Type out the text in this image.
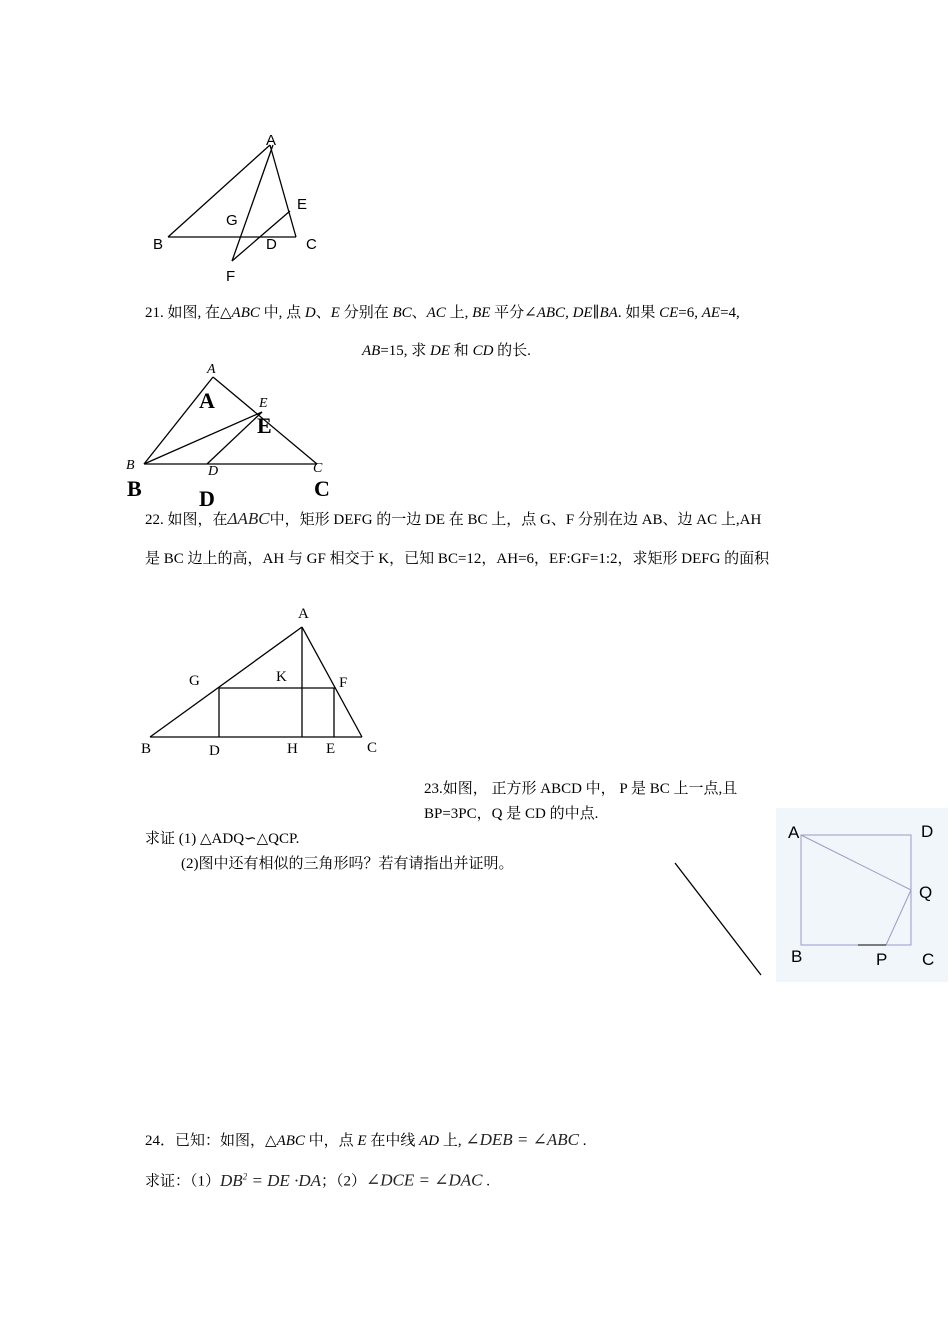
A
E
G
B	D C
F
21. 如图, 在△ABC 中, 点 D、E 分别在 BC、AC 上, BE 平分∠ABC, DE∥BA. 如果 CE=6, AE=4,
AB=15, 求 DE 和 CD 的长.
A
A	E
E
B
B
D
D
C
C
22. 如图，在ΔABC中，矩形 DEFG 的一边 DE 在 BC 上，点 G、F 分别在边 AB、边 AC 上,AH
是 BC 边上的高，AH 与 GF 相交于 K，已知 BC=12，AH=6，EF:GF=1:2，求矩形 DEFG 的面积
A
G	K	F
B	D	H E C
23.如图， 正方形 ABCD 中， P 是 BC 上一点,且
BP=3PC，Q 是 CD 的中点.
求证 (1) △ADQ∽△QCP.
(2)图中还有相似的三角形吗？若有请指出并证明。
A	D
Q
B	P C
24．已知：如图，△ABC 中，点 E 在中线 AD 上, ∠DEB = ∠ABC .
求证：$(1)DB^2$ = DE ·DA；（2）∠DCE = ∠DAC .
